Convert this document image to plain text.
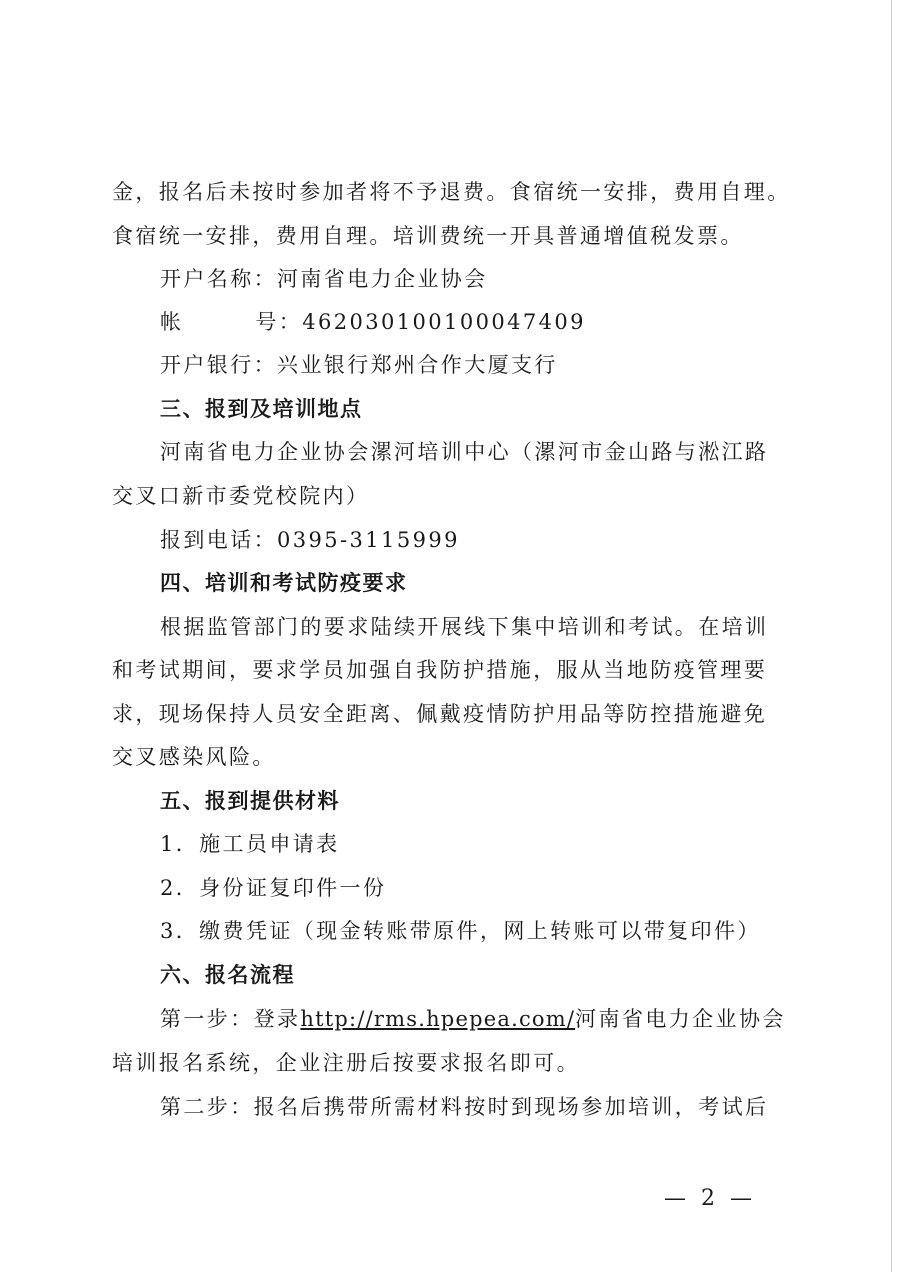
金，报名后未按时参加者将不予退费。食宿统一安排，费用自理。
食宿统一安排，费用自理。培训费统一开具普通增值税发票。
开户名称：河南省电力企业协会
帐	号：462030100100047409
开户银行：兴业银行郑州合作大厦支行
三、报到及培训地点
河南省电力企业协会漯河培训中心（漯河市金山路与淞江路
交叉口新市委党校院内）
报到电话：0395-3115999
四、培训和考试防疫要求
根据监管部门的要求陆续开展线下集中培训和考试。在培训
和考试期间，要求学员加强自我防护措施，服从当地防疫管理要
求，现场保持人员安全距离、佩戴疫情防护用品等防控措施避免
交叉感染风险。
五、报到提供材料
1．施工员申请表
2．身份证复印件一份
3．缴费凭证（现金转账带原件，网上转账可以带复印件）
六、报名流程
第一步：登录http://rms.hpepea.com/河南省电力企业协会
培训报名系统，企业注册后按要求报名即可。
第二步：报名后携带所需材料按时到现场参加培训，考试后
— 2 —
